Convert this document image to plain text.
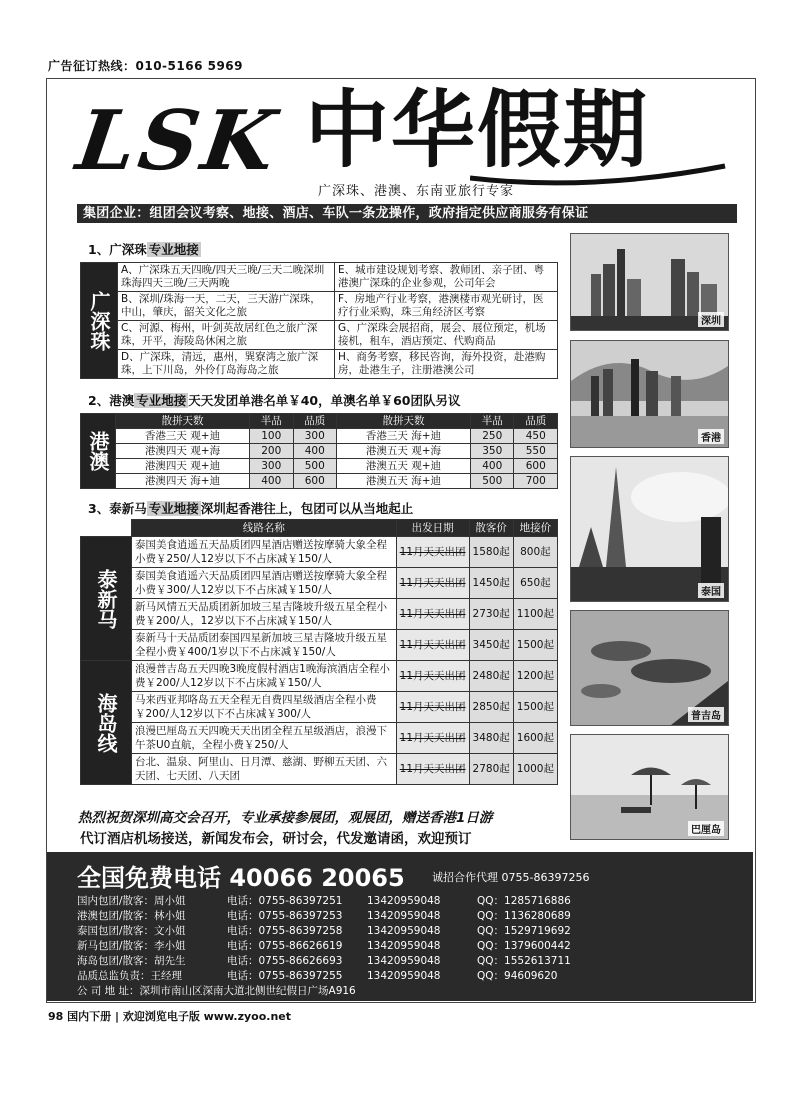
广告征订热线：010-5166 5969
LSK 中华假期
广深珠、港澳、东南亚旅行专家
集团企业：组团会议考察、地接、酒店、车队一条龙操作，政府指定供应商服务有保证
1、广深珠 专业地接
广深珠	A、广深珠五天四晚/四天三晚/三天二晚深圳珠海四天三晚/三天两晚	E、城市建设规划考察、教师团、亲子团、粤港澳广深珠的企业参观，公司年会
	B、深圳/珠海一天，二天，三天游广深珠，中山，肇庆，韶关文化之旅	F、房地产行业考察，港澳楼市观光研讨，医疗行业采购，珠三角经济区考察
	C、河源、梅州，叶剑英故居红色之旅广深珠，开平，海陵岛休闲之旅	G、广深珠会展招商，展会、展位预定，机场接机，租车，酒店预定、代购商品
	D、广深珠，清远，惠州，巽寮湾之旅广深珠，上下川岛，外伶仃岛海岛之旅	H、商务考察，移民咨询，海外投资，赴港购房，赴港生子，注册港澳公司
2、港澳 专业地接 天天发团单港名单￥40，单澳名单￥60团队另议
港澳	散拼天数	半品	品质	散拼天数	半品	品质
	香港三天 观+迪	100	300	香港三天 海+迪	250	450
	港澳四天 观+海	200	400	港澳五天 观+海	350	550
	港澳四天 观+迪	300	500	港澳五天 观+迪	400	600
	港澳四天 海+迪	400	600	港澳五天 海+迪	500	700
3、泰新马 专业地接 深圳起香港往上，包团可以从当地起止
	线路名称	出发日期	散客价	地接价
泰新马	泰国美食逍遥五天品质团四星酒店赠送按摩骑大象全程小费￥250/人12岁以下不占床减￥150/人	11月天天出团	1580起	800起
	泰国美食逍遥六天品质团四星酒店赠送按摩骑大象全程小费￥300/人12岁以下不占床减￥150/人	11月天天出团	1450起	650起
	新马风情五天品质团新加坡三星吉隆坡升级五星全程小费￥200/人，12岁以下不占床减￥150/人	11月天天出团	2730起	1100起
	泰新马十天品质团泰国四星新加坡三星吉隆坡升级五星全程小费￥400/1岁以下不占床减￥150/人	11月天天出团	3450起	1500起
海岛线	浪漫普吉岛五天四晚3晚度假村酒店1晚海滨酒店全程小费￥200/人12岁以下不占床减￥150/人	11月天天出团	2480起	1200起
	马来西亚邦咯岛五天全程无自费四星级酒店全程小费￥200/人12岁以下不占床减￥300/人	11月天天出团	2850起	1500起
	浪漫巴厘岛五天四晚天天出团全程五星级酒店，浪漫下午茶U0直航，全程小费￥250/人	11月天天出团	3480起	1600起
	台北、温泉、阿里山、日月潭、慈湖、野柳五天团、六天团、七天团、八天团	11月天天出团	2780起	1000起
深圳
香港
泰国
普吉岛
巴厘岛
热烈祝贺深圳高交会召开，专业承接参展团，观展团，赠送香港1日游
代订酒店机场接送，新闻发布会，研讨会，代发邀请函，欢迎预订
全国免费电话 40066 20065 诚招合作代理 0755-86397256
国内包团/散客：周小姐	电话：0755-86397251 13420959048	QQ：1285716886
港澳包团/散客：林小姐	电话：0755-86397253 13420959048	QQ：1136280689
泰国包团/散客：文小姐	电话：0755-86397258 13420959048	QQ：1529719692
新马包团/散客：李小姐	电话：0755-86626619 13420959048	QQ：1379600442
海岛包团/散客：胡先生	电话：0755-86626693 13420959048	QQ：1552613711
品质总监负责：王经理	电话：0755-86397255 13420959048	QQ：94609620
公 司 地 址：深圳市南山区深南大道北侧世纪假日广场A916
98 国内下册 | 欢迎浏览电子版 www.zyoo.net
